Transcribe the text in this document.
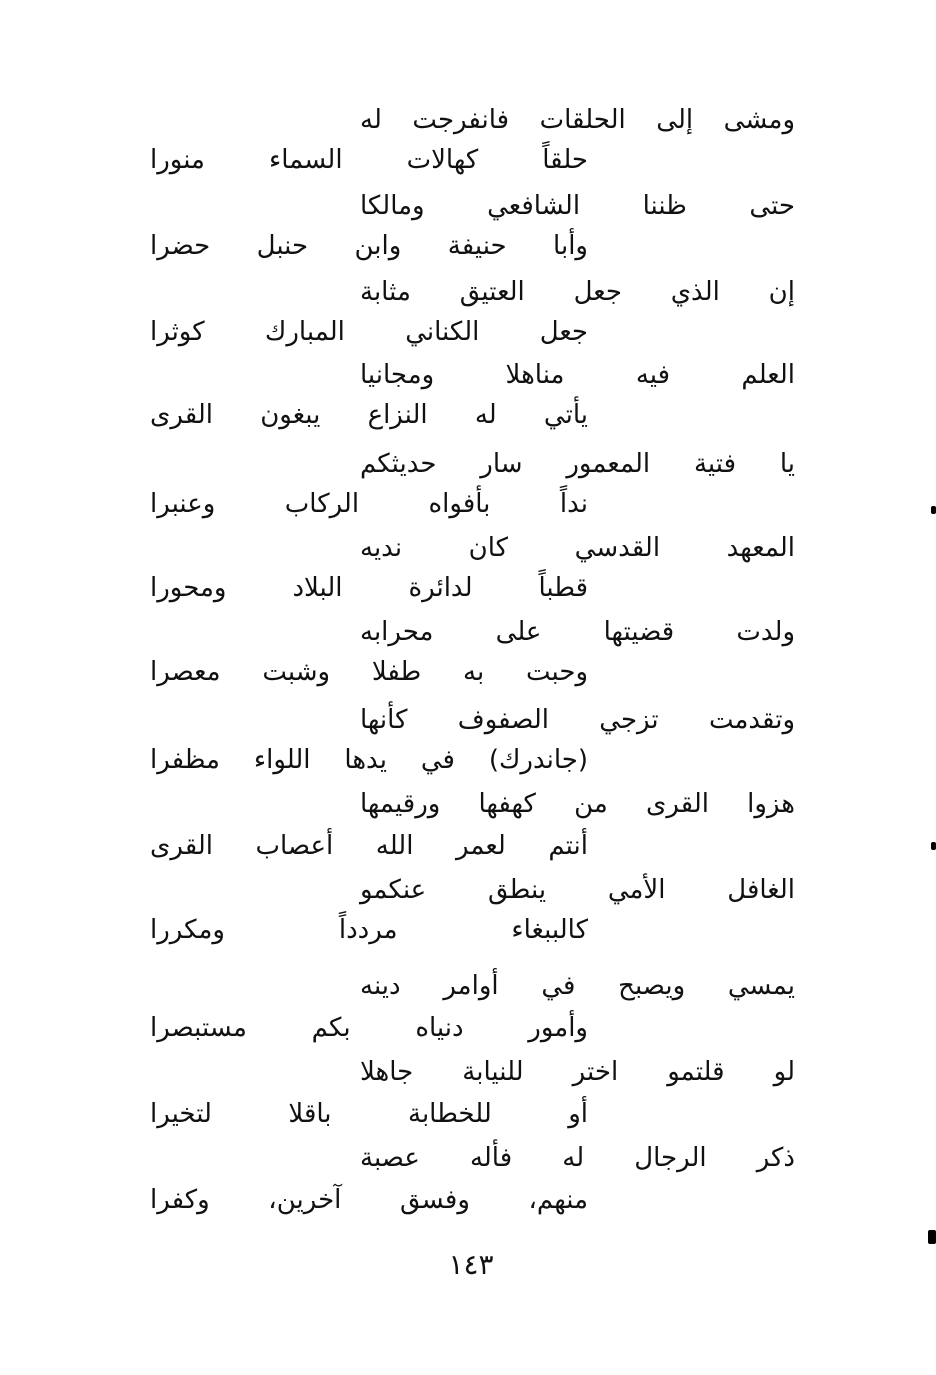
ومشى إلى الحلقات فانفرجت له
حلقاً كهالات السماء منورا
حتى ظننا الشافعي ومالكا
وأبا حنيفة وابن حنبل حضرا
إن الذي جعل العتيق مثابة
جعل الكناني المبارك كوثرا
العلم فيه مناهلا ومجانيا
يأتي له النزاع يبغون القرى
يا فتية المعمور سار حديثكم
نداً بأفواه الركاب وعنبرا
المعهد القدسي كان نديه
قطباً لدائرة البلاد ومحورا
ولدت قضيتها على محرابه
وحبت به طفلا وشبت معصرا
وتقدمت تزجي الصفوف كأنها
(جاندرك) في يدها اللواء مظفرا
هزوا القرى من كهفها ورقيمها
أنتم لعمر الله أعصاب القرى
الغافل الأمي ينطق عنكمو
كالببغاء مردداً ومكررا
يمسي ويصبح في أوامر دينه
وأمور دنياه بكم مستبصرا
لو قلتمو اختر للنيابة جاهلا
أو للخطابة باقلا لتخيرا
ذكر الرجال له فأله عصبة
منهم، وفسق آخرين، وكفرا
١٤٣
